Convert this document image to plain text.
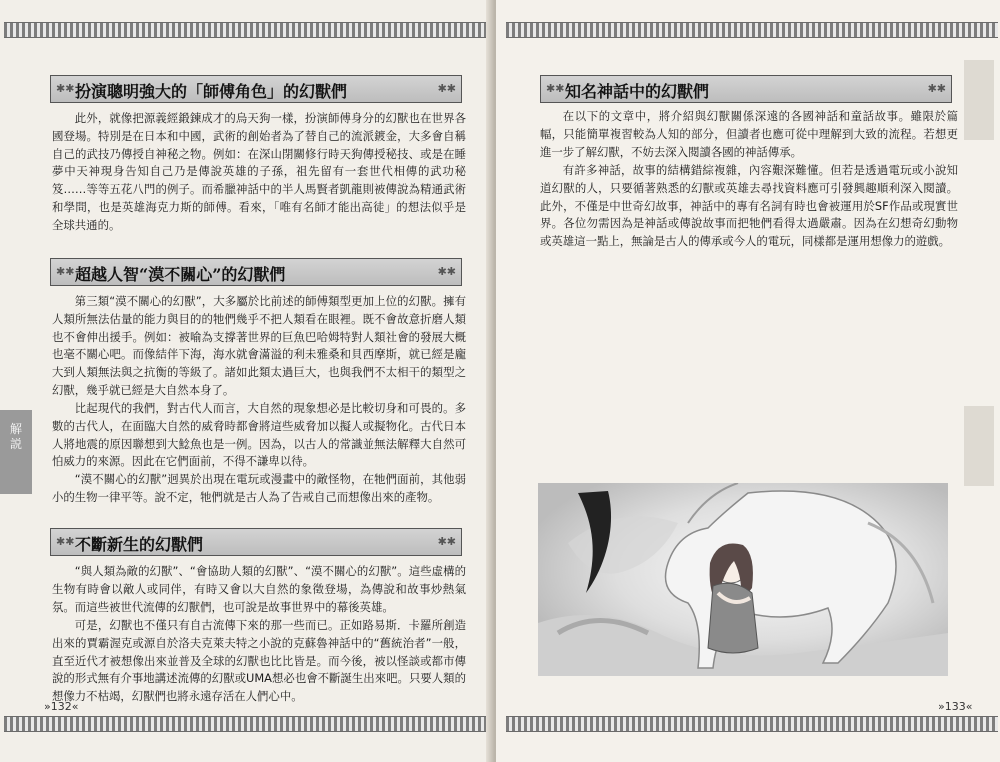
✱✱ 扮演聰明強大的「師傅角色」的幻獸們	✱✱

此外，就像把源義經鍛鍊成才的烏天狗一樣，扮演師傅身分的幻獸也在世界各國登場。特別是在日本和中國，武術的創始者為了替自己的流派鍍金，大多會自稱自己的武技乃傳授自神秘之物。例如：在深山閉關修行時天狗傳授秘技、或是在睡夢中天神現身告知自己乃是傳說英雄的子孫，祖先留有一套世代相傳的武功秘笈……等等五花八門的例子。而希臘神話中的半人馬賢者凱龍則被傳說為精通武術和學問，也是英雄海克力斯的師傅。看來，「唯有名師才能出高徒」的想法似乎是全球共通的。

✱✱ 超越人智“漠不關心”的幻獸們	✱✱

第三類“漠不關心的幻獸”，大多屬於比前述的師傅類型更加上位的幻獸。擁有人類所無法估量的能力與目的的牠們幾乎不把人類看在眼裡。既不會故意折磨人類也不會伸出援手。例如：被喻為支撐著世界的巨魚巴哈姆特對人類社會的發展大概也毫不關心吧。而像結伴下海，海水就會滿溢的利未雅桑和貝西摩斯，就已經是龐大到人類無法與之抗衡的等級了。諸如此類太過巨大，也與我們不太相干的類型之幻獸，幾乎就已經是大自然本身了。

比起現代的我們，對古代人而言，大自然的現象想必是比較切身和可畏的。多數的古代人，在面臨大自然的威脅時都會將這些威脅加以擬人或擬物化。古代日本人將地震的原因聯想到大鯰魚也是一例。因為，以古人的常識並無法解釋大自然可怕威力的來源。因此在它們面前，不得不謙卑以待。

“漠不關心的幻獸”迥異於出現在電玩或漫畫中的敵怪物，在牠們面前，其他弱小的生物一律平等。說不定，牠們就是古人為了告戒自己而想像出來的產物。

✱✱ 不斷新生的幻獸們	✱✱

“與人類為敵的幻獸”、“會協助人類的幻獸”、“漠不關心的幻獸”。這些虛構的生物有時會以敵人或同伴，有時又會以大自然的象徵登場，為傳說和故事炒熱氣氛。而這些被世代流傳的幻獸們，也可說是故事世界中的幕後英雄。

可是，幻獸也不僅只有自古流傳下來的那一些而已。正如路易斯．卡羅所創造出來的賈霸渥克或源自於洛夫克萊夫特之小說的克蘇魯神話中的“舊統治者”一般，直至近代才被想像出來並普及全球的幻獸也比比皆是。而今後，被以怪談或都市傳說的形式無有介事地講述流傳的幻獸或UMA想必也會不斷誕生出來吧。只要人類的想像力不枯竭，幻獸們也將永遠存活在人們心中。

解説
»132«
✱✱ 知名神話中的幻獸們	✱✱

在以下的文章中，將介紹與幻獸關係深遠的各國神話和童話故事。雖限於篇幅，只能簡單複習較為人知的部分，但讀者也應可從中理解到大致的流程。若想更進一步了解幻獸，不妨去深入閱讀各國的神話傳承。

有許多神話，故事的結構錯綜複雜，內容艱深難懂。但若是透過電玩或小說知道幻獸的人，只要循著熟悉的幻獸或英雄去尋找資料應可引發興趣順利深入閱讀。此外，不僅是中世奇幻故事，神話中的專有名詞有時也會被運用於SF作品或現實世界。各位勿需因為是神話或傳說故事而把牠們看得太過嚴肅。因為在幻想奇幻動物或英雄這一點上，無論是古人的傳承或今人的電玩，同樣都是運用想像力的遊戲。

»133«
